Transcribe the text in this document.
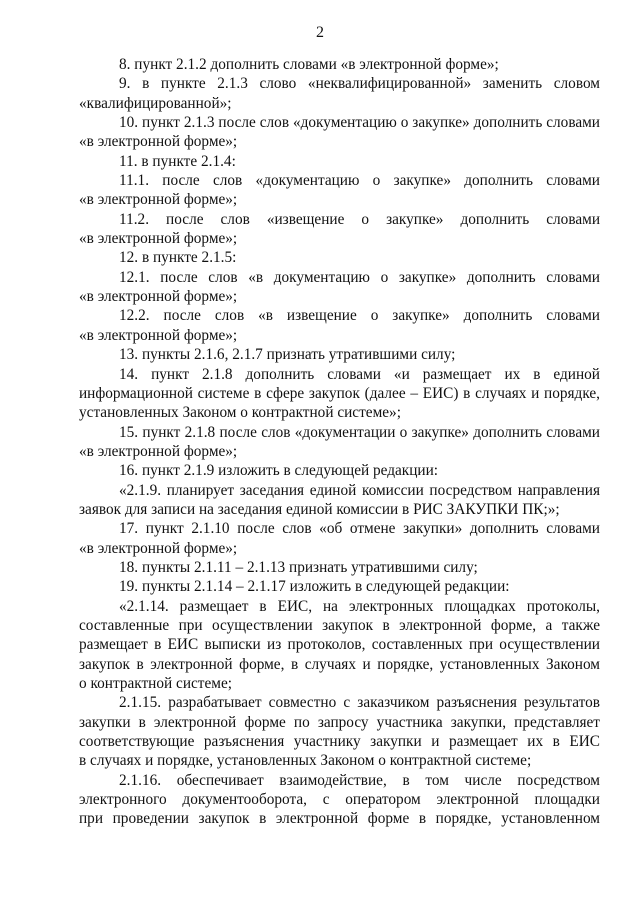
2
8. пункт 2.1.2 дополнить словами «в электронной форме»;
9. в пункте 2.1.3 слово «неквалифицированной» заменить словом
«квалифицированной»;
10. пункт 2.1.3 после слов «документацию о закупке» дополнить словами
«в электронной форме»;
11. в пункте 2.1.4:
11.1. после слов «документацию о закупке» дополнить словами
«в электронной форме»;
11.2. после слов «извещение о закупке» дополнить словами
«в электронной форме»;
12. в пункте 2.1.5:
12.1. после слов «в документацию о закупке» дополнить словами
«в электронной форме»;
12.2. после слов «в извещение о закупке» дополнить словами
«в электронной форме»;
13. пункты 2.1.6, 2.1.7 признать утратившими силу;
14. пункт 2.1.8 дополнить словами «и размещает их в единой
информационной системе в сфере закупок (далее – ЕИС) в случаях и порядке,
установленных Законом о контрактной системе»;
15. пункт 2.1.8 после слов «документации о закупке» дополнить словами
«в электронной форме»;
16. пункт 2.1.9 изложить в следующей редакции:
«2.1.9. планирует заседания единой комиссии посредством направления
заявок для записи на заседания единой комиссии в РИС ЗАКУПКИ ПК;»;
17. пункт 2.1.10 после слов «об отмене закупки» дополнить словами
«в электронной форме»;
18. пункты 2.1.11 – 2.1.13 признать утратившими силу;
19. пункты 2.1.14 – 2.1.17 изложить в следующей редакции:
«2.1.14. размещает в ЕИС, на электронных площадках протоколы,
составленные при осуществлении закупок в электронной форме, а также
размещает в ЕИС выписки из протоколов, составленных при осуществлении
закупок в электронной форме, в случаях и порядке, установленных Законом
о контрактной системе;
2.1.15. разрабатывает совместно с заказчиком разъяснения результатов
закупки в электронной форме по запросу участника закупки, представляет
соответствующие разъяснения участнику закупки и размещает их в ЕИС
в случаях и порядке, установленных Законом о контрактной системе;
2.1.16. обеспечивает взаимодействие, в том числе посредством
электронного документооборота, с оператором электронной площадки
при проведении закупок в электронной форме в порядке, установленном
